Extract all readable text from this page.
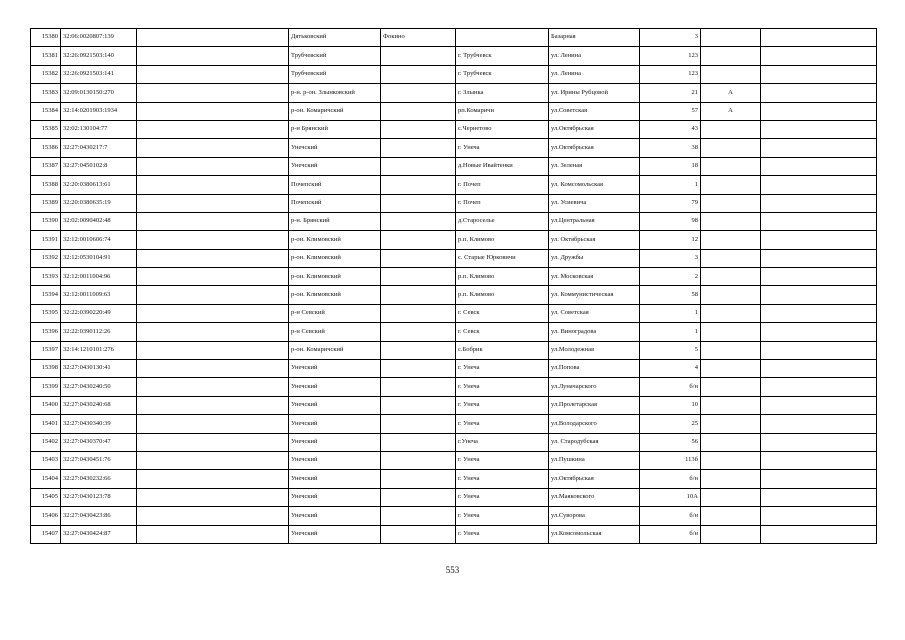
15380	32:06:0020807:139		Дятьковский	Фокино		Базарная	3		
15381	32:26:0921503:140		Трубчевский		г. Трубчевск	ул. Ленина	123		
15382	32:26:0921503:141		Трубчевский		г. Трубчевск	ул. Ленина	123		
15383	32:09:0130150:270		р-н. р-он. Злынковский		г. Злынка	ул. Ирины Рубцовой	21	А	
15384	32:14:0201903:1934		р-он. Комаричский		рп.Комаричи	ул.Советская	57	А	
15385	32:02:130104:77		р-н Брянский		с.Чернетово	ул.Октябрьская	43		
15386	32:27:0430217:7		Унечский		г. Унеча	ул.Октябрьская	38		
15387	32:27:0450102:8		Унечский		д.Новые Ивайтенки	ул. Зеленая	18		
15388	32:20:0380613:61		Почепский		г. Почеп	ул. Комсомольская	1		
15389	32:20:0380635:19		Почепский		г. Почеп	ул. Усиевича	79		
15390	32:02:0090402:48		р-н. Брянский		д.Староселье	ул.Центральная	98		
15391	32:12:0010606:74		р-он. Климовский		р.п. Климово	ул. Октябрьская	12		
15392	32:12:0530104:91		р-он. Климовский		с. Старые Юрковичи	ул. Дружбы	3		
15393	32:12:0011004:96		р-он. Климовский		р.п. Климово	ул. Московская	2		
15394	32:12:0011009:63		р-он. Климовский		р.п. Климово	ул. Коммунистическая	58		
15395	32:22:0390220:49		р-н Севский		г. Севск	ул. Советская	1		
15396	32:22:0390112:26		р-н Севский		г. Севск	ул. Виноградова	1		
15397	32:14:1210101:276		р-он. Комаричский		с.Бобрик	ул.Молодежная	5		
15398	32:27:0430130:41		Унечский		г. Унеча	ул.Попова	4		
15399	32:27:0430240:50		Унечский		г. Унеча	ул.Луначарского	б/н		
15400	32:27:0430240:68		Унечский		г. Унеча	ул.Пролетарская	10		
15401	32:27:0430340:39		Унечский		г. Унеча	ул.Володарского	25		
15402	32:27:0430370:47		Унечский		г.Унеча	ул. Стародубская	56		
15403	32:27:0430451:76		Унечский		г. Унеча	ул.Пушкина	113б		
15404	32:27:0430232:66		Унечский		г. Унеча	ул.Октябрьская	б/н		
15405	32:27:0430123:78		Унечский		г. Унеча	ул.Маяковского	10А		
15406	32:27:0430423:86		Унечский		г. Унеча	ул.Суворова	б/н		
15407	32:27:0430424:87		Унечский		г. Унеча	ул.Комсомольская	б/н		
553
